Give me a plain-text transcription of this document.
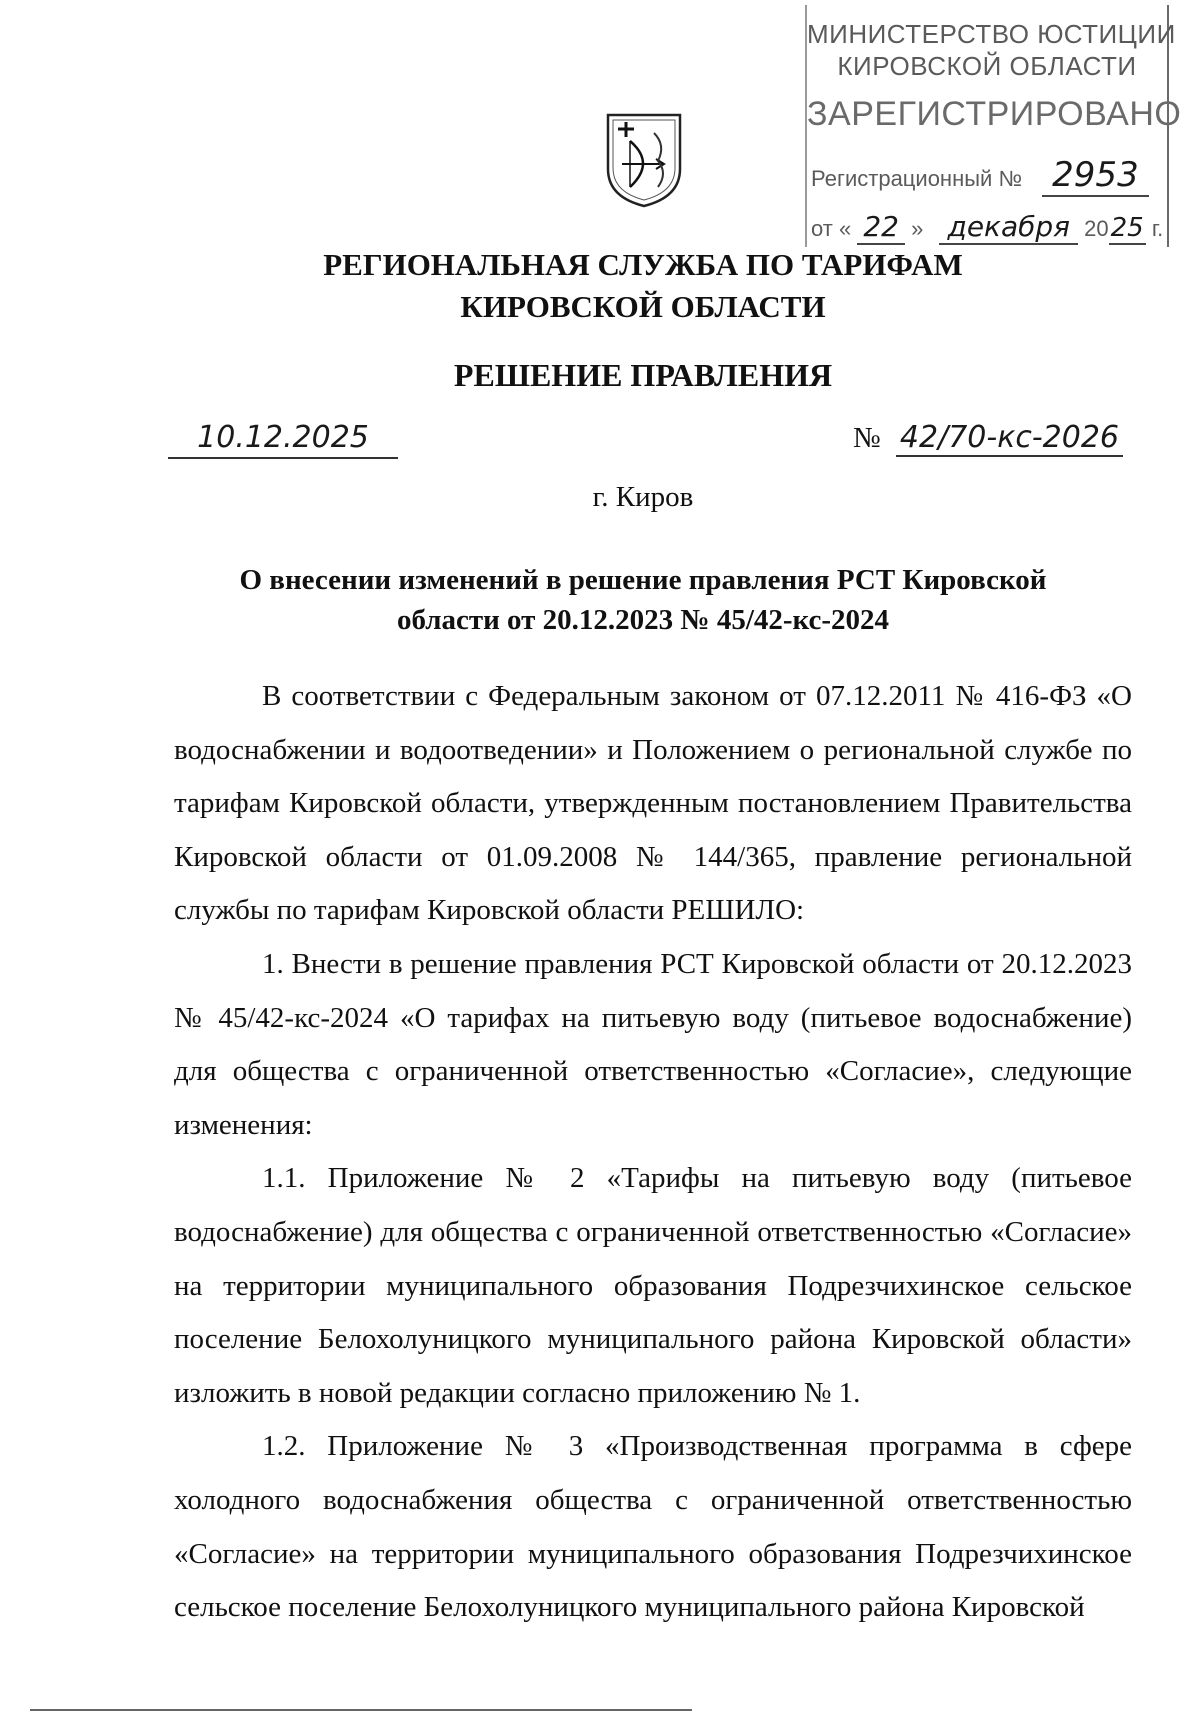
МИНИСТЕРСТВО ЮСТИЦИИ
КИРОВСКОЙ ОБЛАСТИ
ЗАРЕГИСТРИРОВАНО
Регистрационный № 2953
от « 22 » декабря 2025 г.
РЕГИОНАЛЬНАЯ СЛУЖБА ПО ТАРИФАМ
КИРОВСКОЙ ОБЛАСТИ
РЕШЕНИЕ ПРАВЛЕНИЯ
10.12.2025	№ 42/70-кс-2026
г. Киров
О внесении изменений в решение правления РСТ Кировской
области от 20.12.2023 № 45/42-кс-2024

В соответствии с Федеральным законом от 07.12.2011 № 416-ФЗ «О водоснабжении и водоотведении» и Положением о региональной службе по тарифам Кировской области, утвержденным постановлением Правительства Кировской области от 01.09.2008 № 144/365, правление региональной службы по тарифам Кировской области РЕШИЛО:

1. Внести в решение правления РСТ Кировской области от 20.12.2023 № 45/42-кс-2024 «О тарифах на питьевую воду (питьевое водоснабжение) для общества с ограниченной ответственностью «Согласие», следующие изменения:

1.1. Приложение № 2 «Тарифы на питьевую воду (питьевое водоснабжение) для общества с ограниченной ответственностью «Согласие» на территории муниципального образования Подрезчихинское сельское поселение Белохолуницкого муниципального района Кировской области» изложить в новой редакции согласно приложению № 1.

1.2. Приложение № 3 «Производственная программа в сфере холодного водоснабжения общества с ограниченной ответственностью «Согласие» на территории муниципального образования Подрезчихинское сельское поселение Белохолуницкого муниципального района Кировской
